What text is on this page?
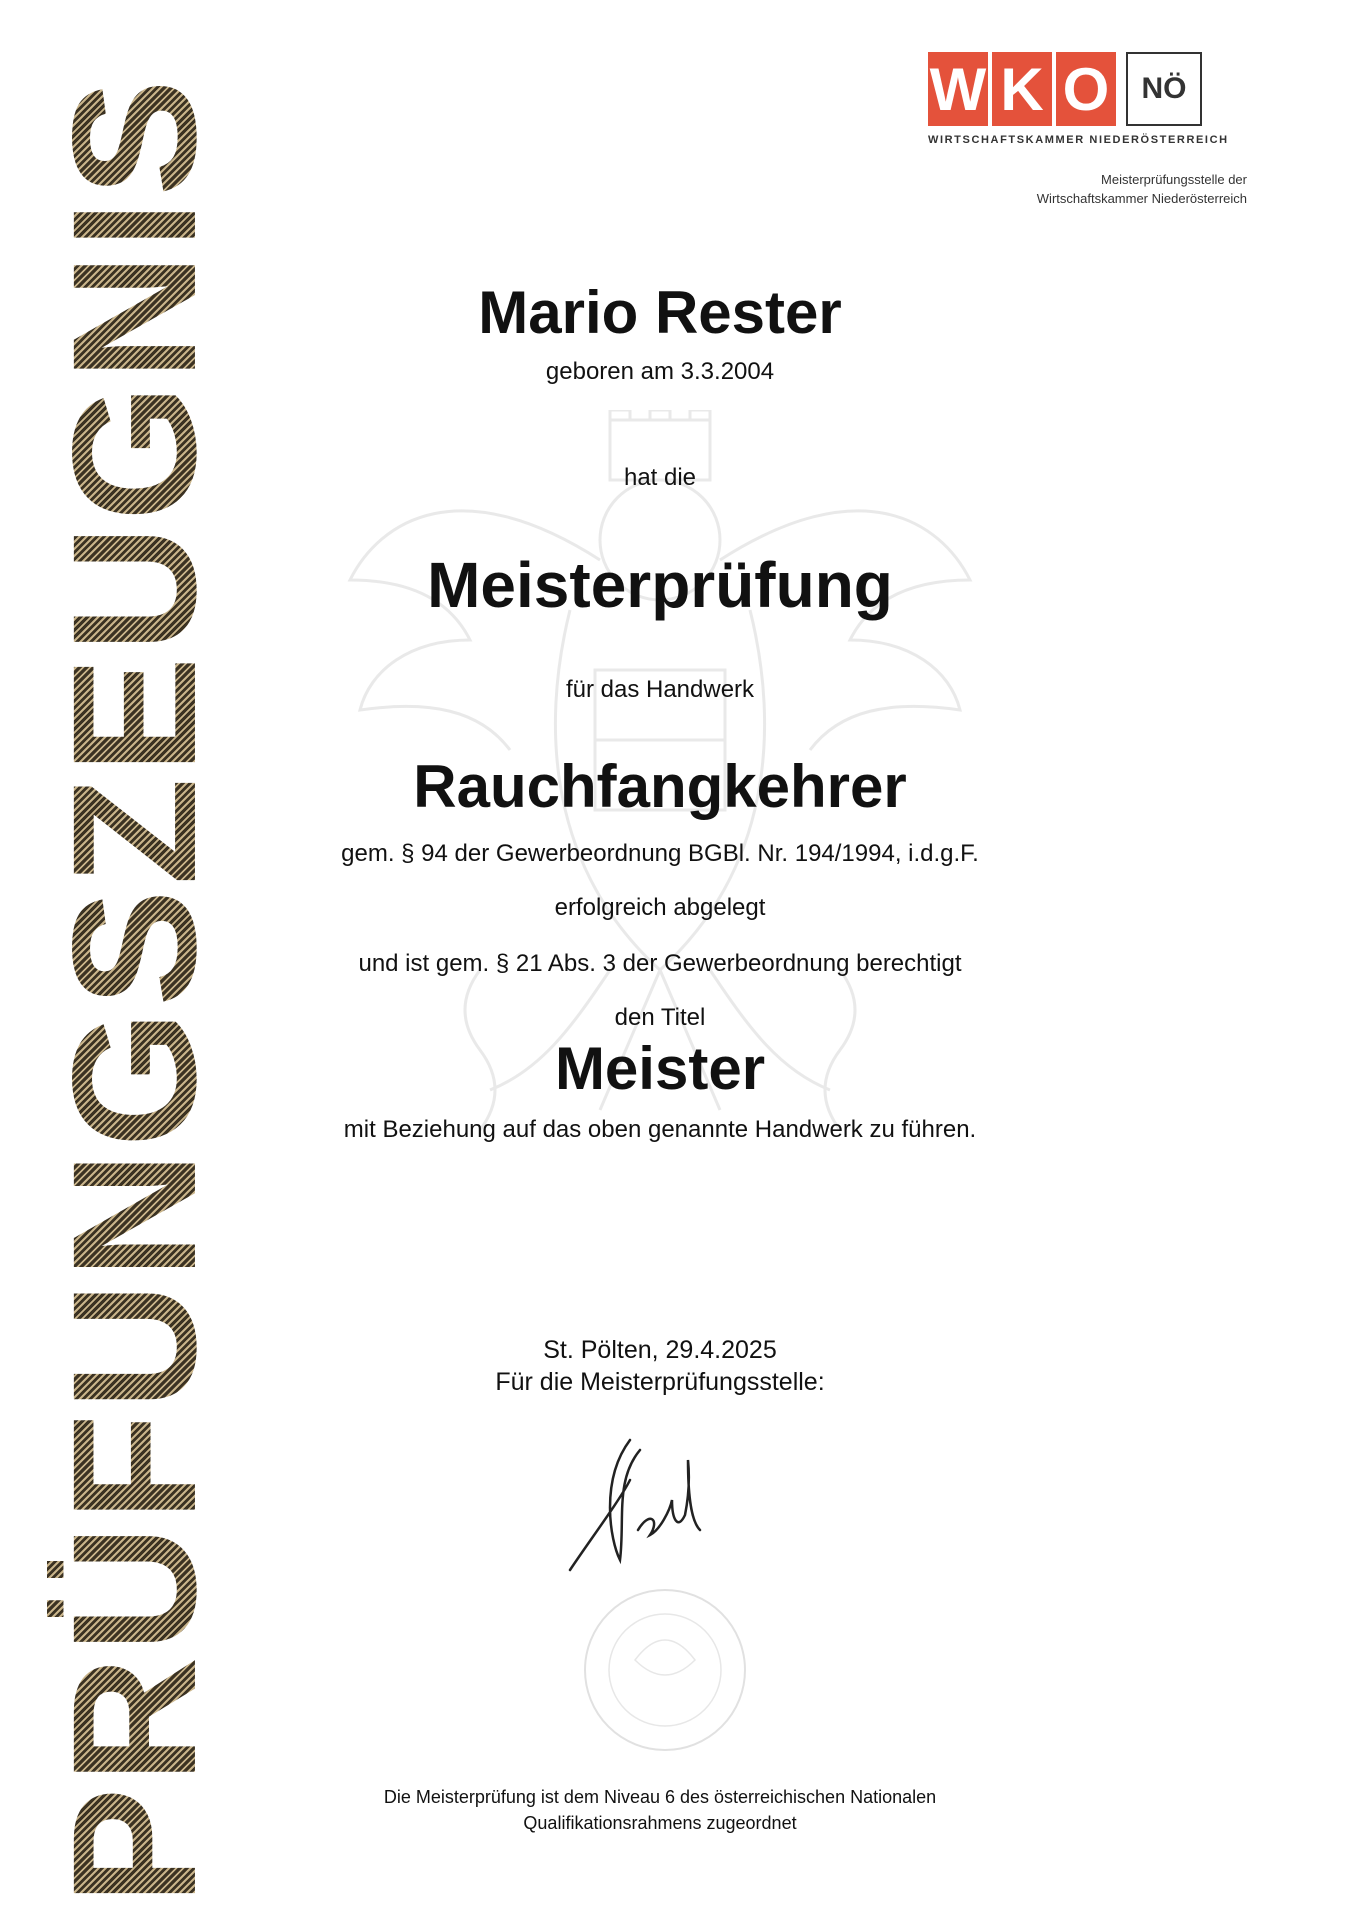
PRÜFUNGSZEUGNIS	W K O	NÖ
WIRTSCHAFTSKAMMER NIEDERÖSTERREICH
Meisterprüfungsstelle der
Wirtschaftskammer Niederösterreich
Mario Rester
geboren am 3.3.2004
hat die
Meisterprüfung
für das Handwerk
Rauchfangkehrer
gem. § 94 der Gewerbeordnung BGBl. Nr. 194/1994, i.d.g.F.
erfolgreich abgelegt
und ist gem. § 21 Abs. 3 der Gewerbeordnung berechtigt
den Titel
Meister
mit Beziehung auf das oben genannte Handwerk zu führen.
St. Pölten, 29.4.2025
Für die Meisterprüfungsstelle:
Die Meisterprüfung ist dem Niveau 6 des österreichischen Nationalen
Qualifikationsrahmens zugeordnet
